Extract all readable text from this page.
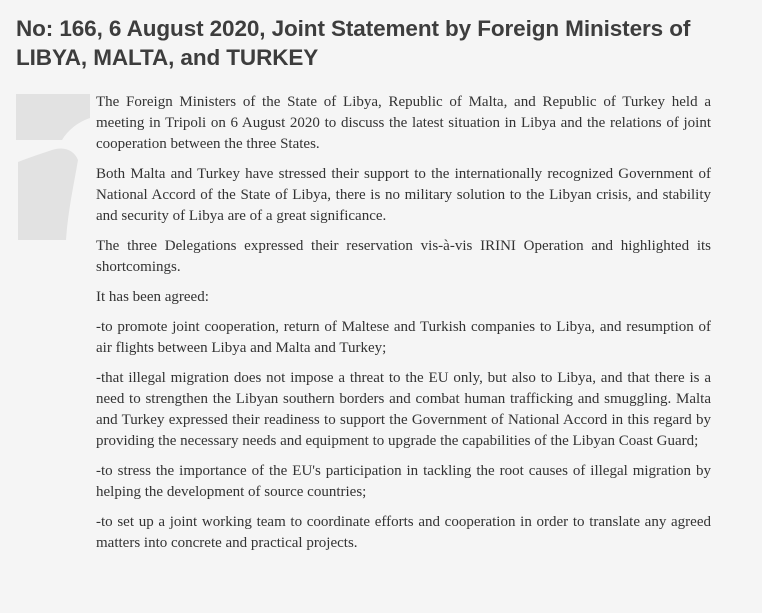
No: 166, 6 August 2020, Joint Statement by Foreign Ministers of LIBYA, MALTA, and TURKEY

The Foreign Ministers of the State of Libya, Republic of Malta, and Republic of Turkey held a meeting in Tripoli on 6 August 2020 to discuss the latest situation in Libya and the relations of joint cooperation between the three States.

Both Malta and Turkey have stressed their support to the internationally recognized Government of National Accord of the State of Libya, there is no military solution to the Libyan crisis, and stability and security of Libya are of a great significance.

The three Delegations expressed their reservation vis-à-vis IRINI Operation and highlighted its shortcomings.

It has been agreed:

-to promote joint cooperation, return of Maltese and Turkish companies to Libya, and resumption of air flights between Libya and Malta and Turkey;

-that illegal migration does not impose a threat to the EU only, but also to Libya, and that there is a need to strengthen the Libyan southern borders and combat human trafficking and smuggling. Malta and Turkey expressed their readiness to support the Government of National Accord in this regard by providing the necessary needs and equipment to upgrade the capabilities of the Libyan Coast Guard;

-to stress the importance of the EU's participation in tackling the root causes of illegal migration by helping the development of source countries;

-to set up a joint working team to coordinate efforts and cooperation in order to translate any agreed matters into concrete and practical projects.
